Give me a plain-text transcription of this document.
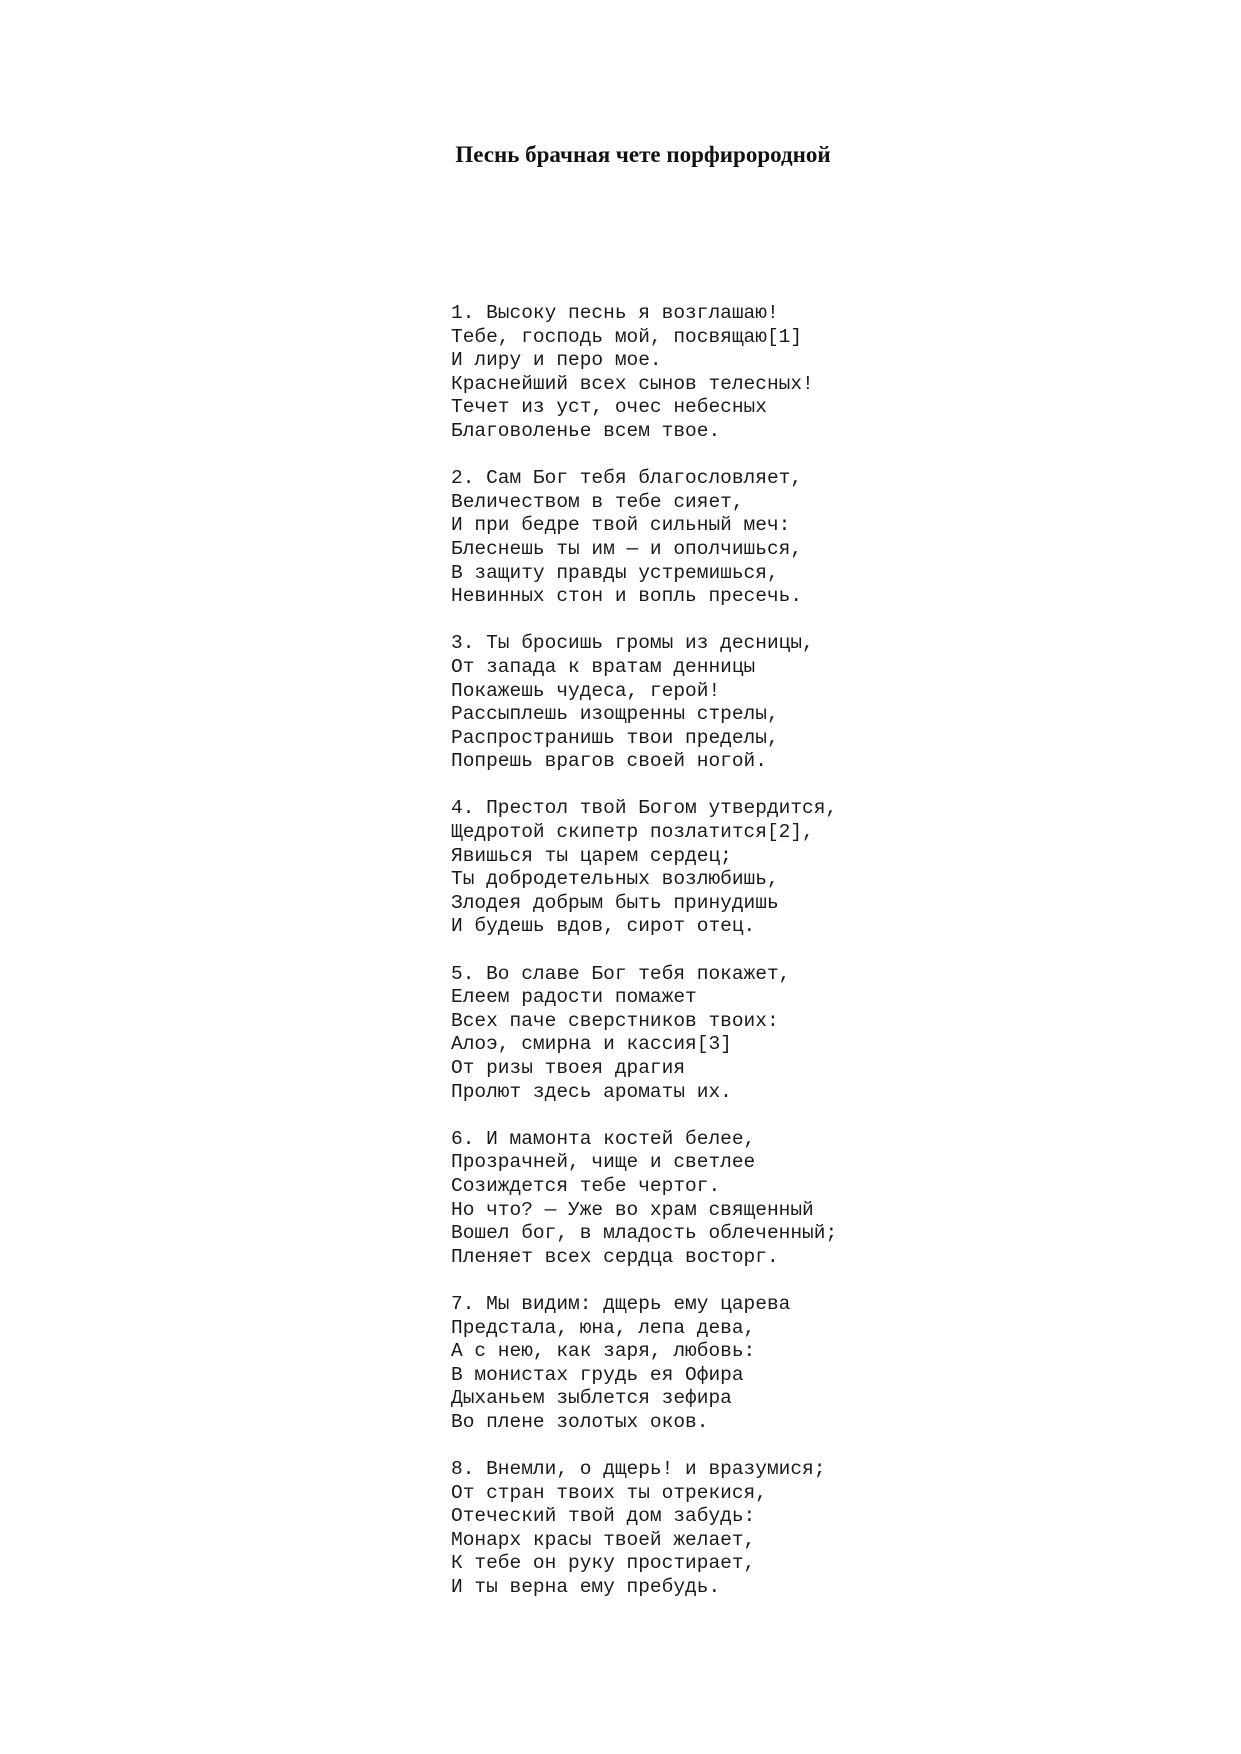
Песнь брачная чете порфирородной
1. Высоку песнь я возглашаю!
Тебе, господь мой, посвящаю[1]
И лиру и перо мое.
Краснейший всех сынов телесных!
Течет из уст, очес небесных
Благоволенье всем твое.
2. Сам Бог тебя благословляет,
Величеством в тебе сияет,
И при бедре твой сильный меч:
Блеснешь ты им — и ополчишься,
В защиту правды устремишься,
Невинных стон и вопль пресечь.
3. Ты бросишь громы из десницы,
От запада к вратам денницы
Покажешь чудеса, герой!
Рассыплешь изощренны стрелы,
Распространишь твои пределы,
Попрешь врагов своей ногой.
4. Престол твой Богом утвердится,
Щедротой скипетр позлатится[2],
Явишься ты царем сердец;
Ты добродетельных возлюбишь,
Злодея добрым быть принудишь
И будешь вдов, сирот отец.
5. Во славе Бог тебя покажет,
Елеем радости помажет
Всех паче сверстников твоих:
Алоэ, смирна и кассия[3]
От ризы твоея драгия
Пролют здесь ароматы их.
6. И мамонта костей белее,
Прозрачней, чище и светлее
Созиждется тебе чертог.
Но что? — Уже во храм священный
Вошел бог, в младость облеченный;
Пленяет всех сердца восторг.
7. Мы видим: дщерь ему царева
Предстала, юна, лепа дева,
А с нею, как заря, любовь:
В монистах грудь ея Офира
Дыханьем зыблется зефира
Во плене золотых оков.
8. Внемли, о дщерь! и вразумися;
От стран твоих ты отрекися,
Отеческий твой дом забудь:
Монарх красы твоей желает,
К тебе он руку простирает,
И ты верна ему пребудь.
